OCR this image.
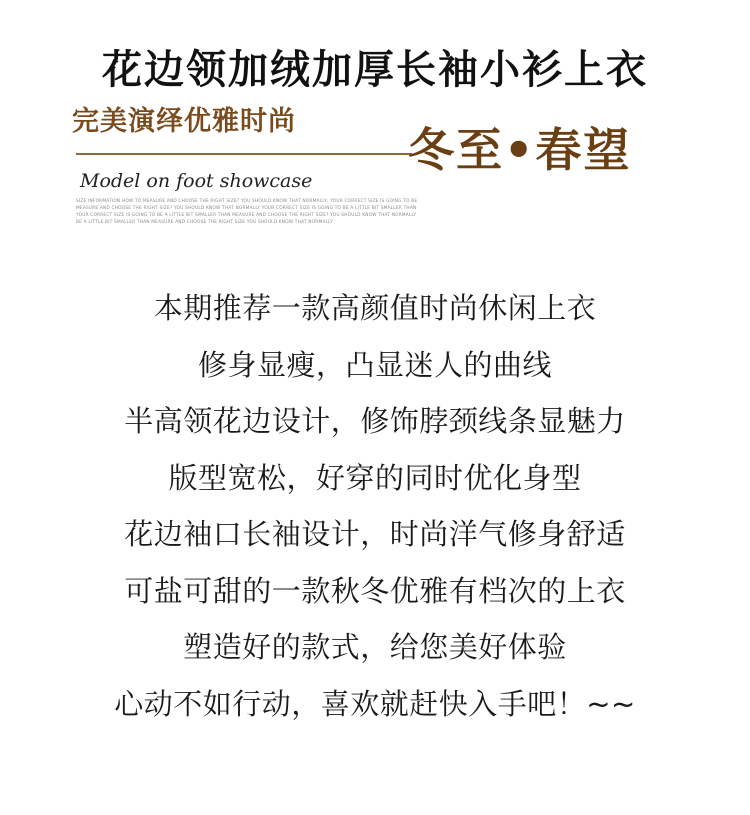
花边领加绒加厚长袖小衫上衣
完美演绎优雅时尚
冬至•春望
Model on foot showcase
SIZE INFORMATION HOW TO MEASURE AND CHOOSE THE RIGHT SIZE? YOU SHOULD KNOW THAT NORMALLY, YOUR CORRECT SIZE IS GOING TO BE
MEASURE AND CHOOSE THE RIGHT SIZE? YOU SHOULD KNOW THAT NORMALLY YOUR CORRECT SIZE IS GOING TO BE A LITTLE BIT SMALLER THAN
YOUR CORRECT SIZE IS GOING TO BE A LITTLE BIT SMALLER THAN MEASURE AND CHOOSE THE RIGHT SIZE? YOU SHOULD KNOW THAT NORMALLY
BE A LITTLE BIT SMALLER THAN MEASURE AND CHOOSE THE RIGHT SIZE YOU SHOULD KNOW THAT NORMALLY
本期推荐一款高颜值时尚休闲上衣
修身显瘦，凸显迷人的曲线
半高领花边设计，修饰脖颈线条显魅力
版型宽松，好穿的同时优化身型
花边袖口长袖设计，时尚洋气修身舒适
可盐可甜的一款秋冬优雅有档次的上衣
塑造好的款式，给您美好体验
心动不如行动，喜欢就赶快入手吧！~~
